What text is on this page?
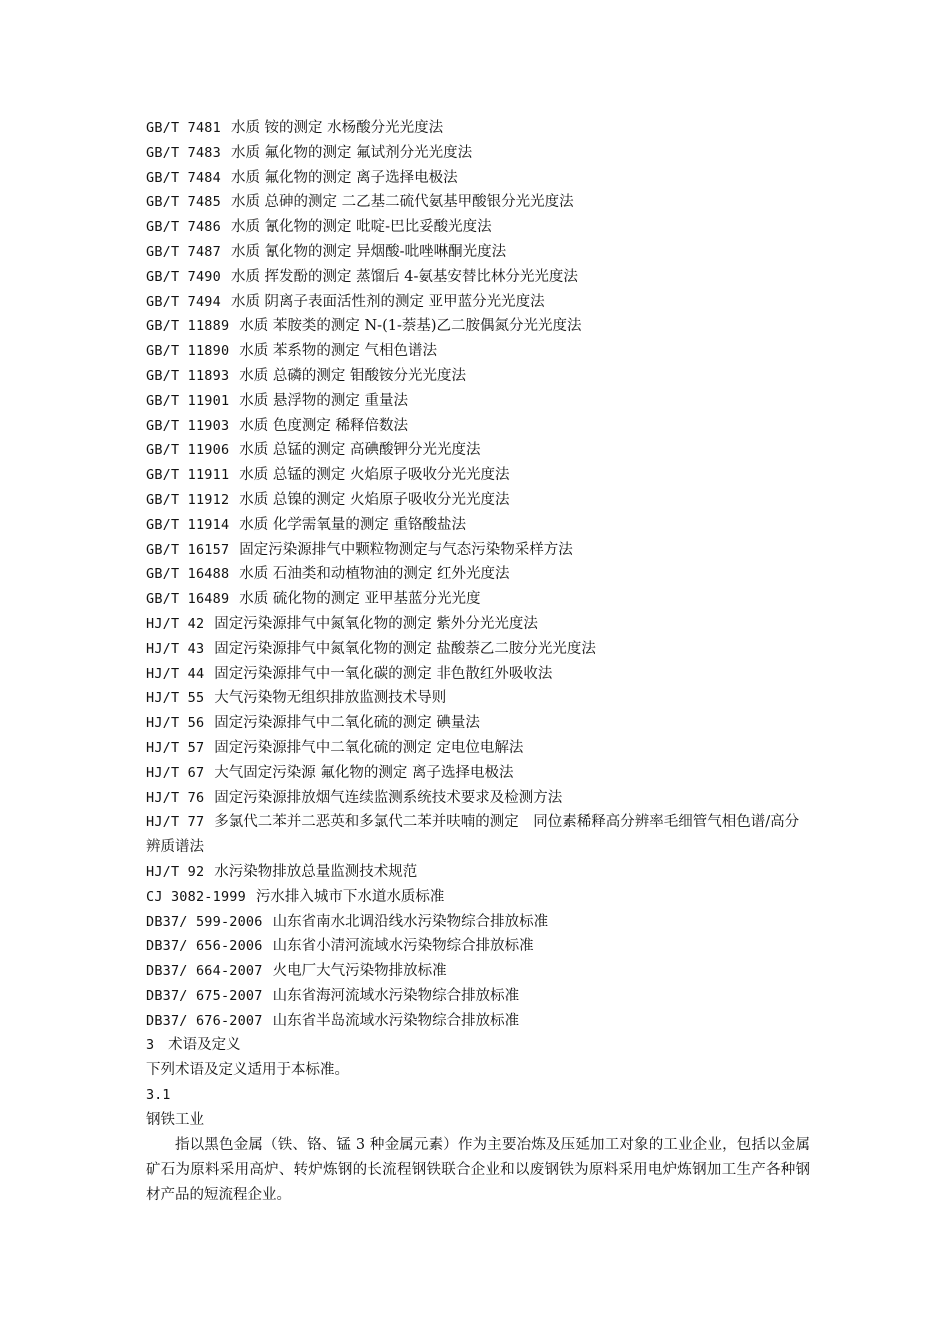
GB/T 7481 水质 铵的测定 水杨酸分光光度法
GB/T 7483 水质 氟化物的测定 氟试剂分光光度法
GB/T 7484 水质 氟化物的测定 离子选择电极法
GB/T 7485 水质 总砷的测定 二乙基二硫代氨基甲酸银分光光度法
GB/T 7486 水质 氰化物的测定 吡啶-巴比妥酸光度法
GB/T 7487 水质 氰化物的测定 异烟酸-吡唑啉酮光度法
GB/T 7490 水质 挥发酚的测定 蒸馏后 4-氨基安替比林分光光度法
GB/T 7494 水质 阴离子表面活性剂的测定 亚甲蓝分光光度法
GB/T 11889 水质 苯胺类的测定 N-(1-萘基)乙二胺偶氮分光光度法
GB/T 11890 水质 苯系物的测定 气相色谱法
GB/T 11893 水质 总磷的测定 钼酸铵分光光度法
GB/T 11901 水质 悬浮物的测定 重量法
GB/T 11903 水质 色度测定 稀释倍数法
GB/T 11906 水质 总锰的测定 高碘酸钾分光光度法
GB/T 11911 水质 总锰的测定 火焰原子吸收分光光度法
GB/T 11912 水质 总镍的测定 火焰原子吸收分光光度法
GB/T 11914 水质 化学需氧量的测定 重铬酸盐法
GB/T 16157 固定污染源排气中颗粒物测定与气态污染物采样方法
GB/T 16488 水质 石油类和动植物油的测定 红外光度法
GB/T 16489 水质 硫化物的测定 亚甲基蓝分光光度
HJ/T 42 固定污染源排气中氮氧化物的测定 紫外分光光度法
HJ/T 43 固定污染源排气中氮氧化物的测定 盐酸萘乙二胺分光光度法
HJ/T 44 固定污染源排气中一氧化碳的测定 非色散红外吸收法
HJ/T 55 大气污染物无组织排放监测技术导则
HJ/T 56 固定污染源排气中二氧化硫的测定 碘量法
HJ/T 57 固定污染源排气中二氧化硫的测定 定电位电解法
HJ/T 67 大气固定污染源 氟化物的测定 离子选择电极法
HJ/T 76 固定污染源排放烟气连续监测系统技术要求及检测方法
HJ/T 77 多氯代二苯并二恶英和多氯代二苯并呋喃的测定　同位素稀释高分辨率毛细管气相色谱/高分辨质谱法
HJ/T 92 水污染物排放总量监测技术规范
CJ 3082-1999 污水排入城市下水道水质标准
DB37/ 599-2006 山东省南水北调沿线水污染物综合排放标准
DB37/ 656-2006 山东省小清河流域水污染物综合排放标准
DB37/ 664-2007 火电厂大气污染物排放标准
DB37/ 675-2007 山东省海河流域水污染物综合排放标准
DB37/ 676-2007 山东省半岛流域水污染物综合排放标准
3 术语及定义
下列术语及定义适用于本标准。
3.1
钢铁工业
指以黑色金属（铁、铬、锰 3 种金属元素）作为主要冶炼及压延加工对象的工业企业，包括以金属矿石为原料采用高炉、转炉炼钢的长流程钢铁联合企业和以废钢铁为原料采用电炉炼钢加工生产各种钢材产品的短流程企业。
